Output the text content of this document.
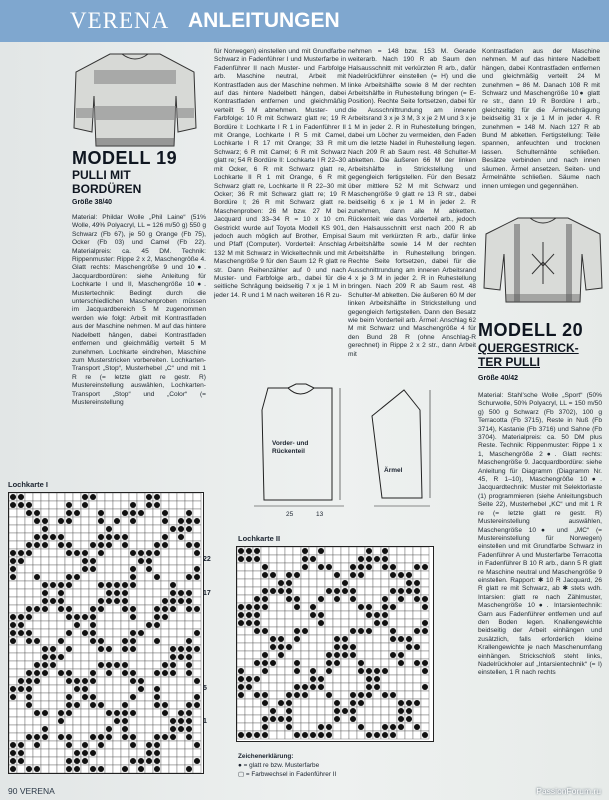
VERENA ANLEITUNGEN
MODELL 19
PULLI MIT
BORDÜREN
Größe 38/40

Material: Phildar Wolle „Phil Laine“ (51% Wolle, 49% Polyacryl, LL = 126 m/50 g) 550 g Schwarz (Fb 67), je 50 g Orange (Fb 75), Ocker (Fb 03) und Camel (Fb 22). Materialpreis: ca. 45 DM. Technik: Rippenmuster: Rippe 2 x 2, Maschengröße 4. Glatt rechts: Maschengröße 9 und 10●. Jacquardbordüren: siehe Anleitung für Lochkarte I und II, Maschengröße 10●. Mustertechnik: Bedingt durch die unterschiedlichen Maschenproben müssen im Jacquardbereich 5 M zugenommen werden wie folgt: Arbeit mit Kontrastfaden aus der Maschine nehmen. M auf das hintere Nadelbett hängen, dabei Kontrastfaden entfernen und gleichmäßig verteilt 5 M zunehmen. Lochkarte eindrehen, Maschine zum Musterstricken vorbereiten. Lochkarten-Transport „Stop“, Musterhebel „C“ und mit 1 R re (= letzte glatt re gestr. R) Mustereinstellung auswählen, Lochkarten-Transport „Stop“ und „Color“ (= Mustereinstellung

für Norwegen) einstellen und mit Grundfarbe Schwarz in Fadenführer I und Musterfarbe in Fadenführer II nach Muster- und Farbfolge arb. Maschine neutral, Arbeit mit Kontrastfaden aus der Maschine nehmen. M auf das hintere Nadelbett hängen, dabei Kontrastfaden entfernen und gleichmäßig verteilt 5 M abnehmen. Muster- und Farbfolge: 10 R mit Schwarz glatt re; 19 R Bordüre I: Lochkarte I R 1 in Fadenführer II mit Orange, Lochkarte I R 5 mit Camel, Lochkarte I R 17 mit Orange; 33 R mit Schwarz; 6 R mit Camel; 6 R mit Schwarz glatt re; 54 R Bordüre II: Lochkarte I R 22–30 mit Ocker, 6 R mit Schwarz glatt re, Lochkarte II R 1 mit Orange, 6 R mit Schwarz glatt re, Lochkarte II R 22–30 mit Ocker; 36 R mit Schwarz glatt re; 19 R Bordüre I; 26 R mit Schwarz glatt re. Maschenproben: 26 M bzw. 27 M bei Jacquard und 33–34 R = 10 x 10 cm. Gestrickt wurde auf Toyota Modell KS 901, jedoch auch möglich auf Brother, Empisal und Pfaff (Computer). Vorderteil: Anschlag 132 M mit Schwarz in Wickeltechnik und mit Maschengröße 9 für den Saum 12 R glatt re str. Dann Reihenzähler auf 0 und nach Muster- und Farbfolge arb., dabei für die seitliche Schrägung beidseitig 7 x je 1 M in jeder 14. R und 1 M nach weiteren 16 R zu-

nehmen = 148 bzw. 153 M. Gerade weiterarb. Nach 190 R ab Saum den Halsausschnitt mit verkürzten R arb., dafür Nadelrückführer einstellen (= H) und die linke Arbeitshälfte sowie 8 M der rechten Arbeitshälfte in Ruhestellung bringen (= E-Position). Rechte Seite fortsetzen, dabei für die Ausschnittrundung am inneren Arbeitsrand 3 x je 3 M, 3 x je 2 M und 3 x je 1 M in jeder 2. R in Ruhestellung bringen, dabei um Löcher zu vermeiden, den Faden um die letzte Nadel in Ruhestellung legen. Nach 209 R ab Saum rest. 48 Schulter-M abketten. Die äußeren 66 M der linken Arbeitshälfte in Strickstellung und gegengleich fertigstellen. Für den Besatz über mittlere 52 M mit Schwarz und Maschengröße 9 glatt re 13 R str., dabei beidseitig 6 x je 1 M in jeder 2. R zunehmen, dann alle M abketten. Rückenteil: wie das Vorderteil arb., jedoch den Halsausschnitt erst nach 200 R ab Saum mit verkürzten R arb., dafür linke Arbeitshälfte sowie 14 M der rechten Arbeitshälfte in Ruhestellung bringen. Rechte Seite fortsetzen, dabei für die Ausschnittrundung am inneren Arbeitsrand 4 x je 3 M in jeder 2. R in Ruhestellung bringen. Nach 209 R ab Saum rest. 48 Schulter-M abketten. Die äußeren 60 M der linken Arbeitshälfte in Strickstellung und gegengleich fertigstellen. Dann den Besatz wie beim Vorderteil arb. Ärmel: Anschlag 62 M mit Schwarz und Maschengröße 4 für den Bund 28 R (ohne Anschlag-R gerechnet) in Rippe 2 x 2 str., dann Arbeit mit

Kontrastfaden aus der Maschine nehmen. M auf das hintere Nadelbett hängen, dabei Kontrastfaden entfernen und gleichmäßig verteilt 24 M zunehmen = 86 M. Danach 108 R mit Schwarz und Maschengröße 10● glatt re str., dann 19 R Bordüre I arb., gleichzeitig für die Ärmelschrägung beidseitig 31 x je 1 M in jeder 4. R zunehmen = 148 M. Nach 127 R ab Bund M abketten. Fertigstellung: Teile spannen, anfeuchten und trocknen lassen. Schulternähte schließen. Besätze verbinden und nach innen säumen. Ärmel ansetzen. Seiten- und Ärmelnähte schließen. Säume nach innen umlegen und gegennähen.

MODELL 20
QUERGESTRICK-
TER PULLI
Größe 40/42

Material: Stahl'sche Wolle „Sport“ (50% Schurwolle, 50% Polyacryl, LL = 150 m/50 g) 500 g Schwarz (Fb 3702), 100 g Terracotta (Fb 3715), Reste in Nuß (Fb 3714), Kastanie (Fb 3716) und Sahne (Fb 3704). Materialpreis: ca. 50 DM plus Reste. Technik: Rippenmuster: Rippe 1 x 1, Maschengröße 2●. Glatt rechts: Maschengröße 9. Jacquardbordüre: siehe Anleitung für Diagramm (Diagramm Nr. 45, R 1–10), Maschengröße 10●. Jacquardtechnik: Muster mit Selektorlaste (1) programmieren (siehe Anleitungsbuch Seite 22), Musterhebel „KC“ und mit 1 R re (= letzte glatt re gestr. R) Mustereinstellung auswählen, Maschengröße 10● und „MC“ (= Mustereinstellung für Norwegen) einstellen und mit Grundfarbe Schwarz in Fadenführer A und Musterfarbe Terracotta in Fadenführer B 10 R arb., dann 5 R glatt re Maschine neutral und Maschengröße 9 einstellen. Rapport: ✱ 10 R Jacquard, 26 R glatt re mit Schwarz, ab ✱ stets wdh. Intarsien: glatt re nach Zählmuster, Maschengröße 10●. Intarsientechnik: Garn aus Fadenführer entfernen und auf den Boden legen. Knallengewichte beidseitig der Arbeit einhängen und zusätzlich, falls erforderlich kleine Krallengewichte je nach Maschenumfang einhängen. Strickschloß steht links, Nadelrückholer auf „Intarsientechnik“ (= I) einstellen, 1 R nach rechts

Vorder- und Rückenteil
Ärmel
25	13
Lochkarte I
22
17
5
1
Lochkarte II
Zeichenerklärung:
● = glatt re bzw. Musterfarbe
▢ = Farbwechsel in Fadenführer II
90 VERENA	PassionForum.ru
